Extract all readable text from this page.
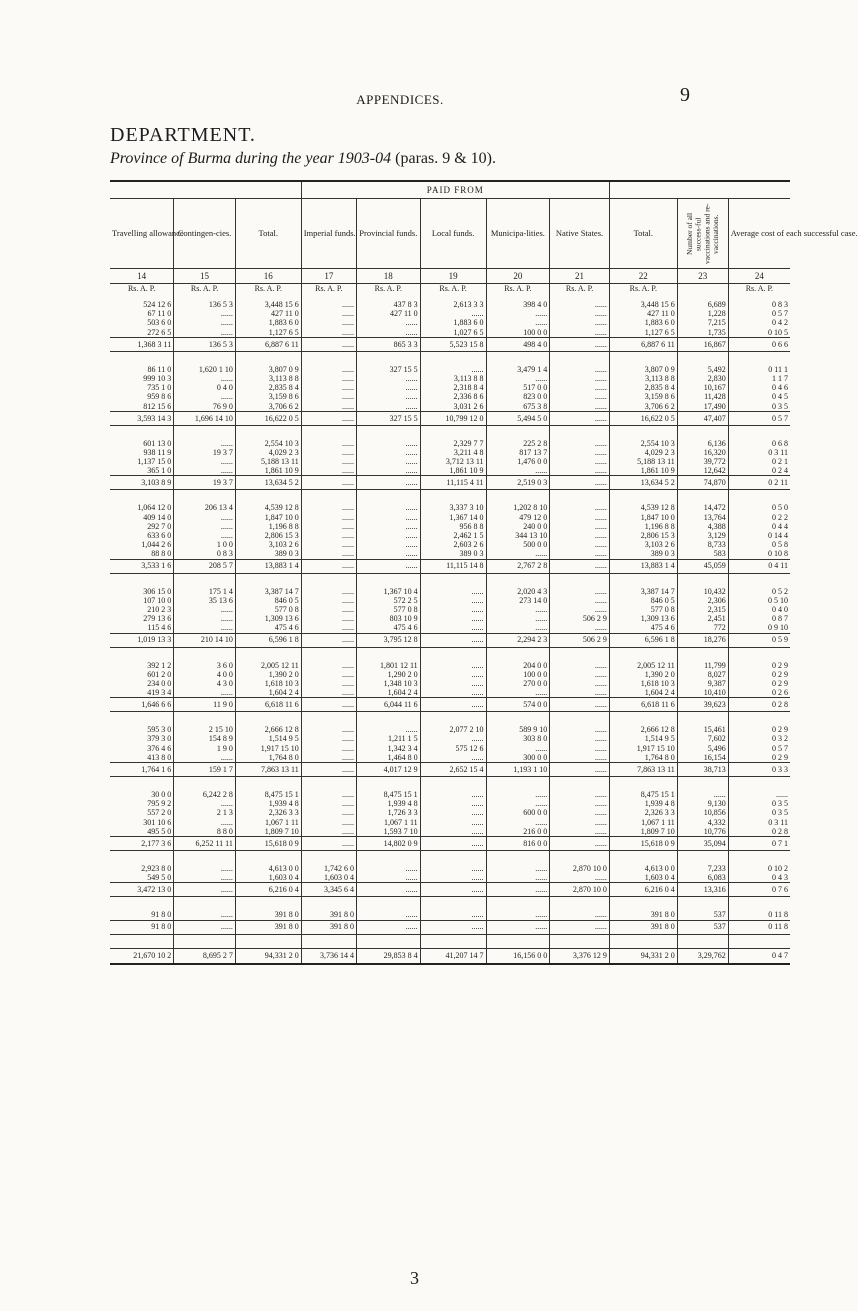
APPENDICES.	9
DEPARTMENT.
Province of Burma during the year 1903-04 (paras. 9 & 10).
			PAID FROM							
Travelling allowance	Contingen-cies.	Total.	Imperial funds.	Provincial funds.	Local funds.	Municipa-lities.	Native States.	Total.	Number of all success-ful vaccinations and re-vaccinations.	Average cost of each successful case.
14	15	16	17	18	19	20	21	22	23	24
Rs. A. P.	Rs. A. P.	Rs. A. P.	Rs. A. P.	Rs. A. P.	Rs. A. P.	Rs. A. P.	Rs. A. P.	Rs. A. P.		Rs. A. P.
524 12 6	136 5 3	3,448 15 6	......	437 8 3	2,613 3 3	398 4 0	......	3,448 15 6	6,689	0 8 3
67 11 0	......	427 11 0	......	427 11 0	......	......	......	427 11 0	1,228	0 5 7
503 6 0	......	1,883 6 0	......	......	1,883 6 0	......	......	1,883 6 0	7,215	0 4 2
272 6 5	......	1,127 6 5	......	......	1,027 6 5	100 0 0	......	1,127 6 5	1,735	0 10 5
1,368 3 11	136 5 3	6,887 6 11	......	865 3 3	5,523 15 8	498 4 0	......	6,887 6 11	16,867	0 6 6

86 11 0	1,620 1 10	3,807 0 9	......	327 15 5	......	3,479 1 4	......	3,807 0 9	5,492	0 11 1
999 10 3	......	3,113 8 8	......	......	3,113 8 8	......	......	3,113 8 8	2,830	1 1 7
735 1 0	0 4 0	2,835 8 4	......	......	2,318 8 4	517 0 0	......	2,835 8 4	10,167	0 4 6
959 8 6	......	3,159 8 6	......	......	2,336 8 6	823 0 0	......	3,159 8 6	11,428	0 4 5
812 15 6	76 9 0	3,706 6 2	......	......	3,031 2 6	675 3 8	......	3,706 6 2	17,490	0 3 5
3,593 14 3	1,696 14 10	16,622 0 5	......	327 15 5	10,799 12 0	5,494 5 0	......	16,622 0 5	47,407	0 5 7

601 13 0	......	2,554 10 3	......	......	2,329 7 7	225 2 8	......	2,554 10 3	6,136	0 6 8
938 11 9	19 3 7	4,029 2 3	......	......	3,211 4 8	817 13 7	......	4,029 2 3	16,320	0 3 11
1,137 15 0	......	5,188 13 11	......	......	3,712 13 11	1,476 0 0	......	5,188 13 11	39,772	0 2 1
365 1 0	......	1,861 10 9	......	......	1,861 10 9	......	......	1,861 10 9	12,642	0 2 4
3,103 8 9	19 3 7	13,634 5 2	......	......	11,115 4 11	2,519 0 3	......	13,634 5 2	74,870	0 2 11

1,064 12 0	206 13 4	4,539 12 8	......	......	3,337 3 10	1,202 8 10	......	4,539 12 8	14,472	0 5 0
409 14 0	......	1,847 10 0	......	......	1,367 14 0	479 12 0	......	1,847 10 0	13,764	0 2 2
292 7 0	......	1,196 8 8	......	......	956 8 8	240 0 0	......	1,196 8 8	4,388	0 4 4
633 6 0	......	2,806 15 3	......	......	2,462 1 5	344 13 10	......	2,806 15 3	3,129	0 14 4
1,044 2 6	1 0 0	3,103 2 6	......	......	2,603 2 6	500 0 0	......	3,103 2 6	8,733	0 5 8
88 8 0	0 8 3	389 0 3	......	......	389 0 3	......	......	389 0 3	583	0 10 8
3,533 1 6	208 5 7	13,883 1 4	......	......	11,115 14 8	2,767 2 8	......	13,883 1 4	45,059	0 4 11

306 15 0	175 1 4	3,387 14 7	......	1,367 10 4	......	2,020 4 3	......	3,387 14 7	10,432	0 5 2
107 10 0	35 13 6	846 0 5	......	572 2 5	......	273 14 0	......	846 0 5	2,306	0 5 10
210 2 3	......	577 0 8	......	577 0 8	......	......	......	577 0 8	2,315	0 4 0
279 13 6	......	1,309 13 6	......	803 10 9	......	......	506 2 9	1,309 13 6	2,451	0 8 7
115 4 6	......	475 4 6	......	475 4 6	......	......	......	475 4 6	772	0 9 10
1,019 13 3	210 14 10	6,596 1 8	......	3,795 12 8	......	2,294 2 3	506 2 9	6,596 1 8	18,276	0 5 9

392 1 2	3 6 0	2,005 12 11	......	1,801 12 11	......	204 0 0	......	2,005 12 11	11,799	0 2 9
601 2 0	4 0 0	1,390 2 0	......	1,290 2 0	......	100 0 0	......	1,390 2 0	8,027	0 2 9
234 0 0	4 3 0	1,618 10 3	......	1,348 10 3	......	270 0 0	......	1,618 10 3	9,387	0 2 9
419 3 4	......	1,604 2 4	......	1,604 2 4	......	......	......	1,604 2 4	10,410	0 2 6
1,646 6 6	11 9 0	6,618 11 6	......	6,044 11 6	......	574 0 0	......	6,618 11 6	39,623	0 2 8

595 3 0	2 15 10	2,666 12 8	......	......	2,077 2 10	589 9 10	......	2,666 12 8	15,461	0 2 9
379 3 0	154 8 9	1,514 9 5	......	1,211 1 5	......	303 8 0	......	1,514 9 5	7,602	0 3 2
376 4 6	1 9 0	1,917 15 10	......	1,342 3 4	575 12 6	......	......	1,917 15 10	5,496	0 5 7
413 8 0	......	1,764 8 0	......	1,464 8 0	......	300 0 0	......	1,764 8 0	16,154	0 2 9
1,764 1 6	159 1 7	7,863 13 11	......	4,017 12 9	2,652 15 4	1,193 1 10	......	7,863 13 11	38,713	0 3 3

30 0 0	6,242 2 8	8,475 15 1	......	8,475 15 1	......	......	......	8,475 15 1	......	......
795 9 2	......	1,939 4 8	......	1,939 4 8	......	......	......	1,939 4 8	9,130	0 3 5
557 2 0	2 1 3	2,326 3 3	......	1,726 3 3	......	600 0 0	......	2,326 3 3	10,856	0 3 5
301 10 6	......	1,067 1 11	......	1,067 1 11	......	......	......	1,067 1 11	4,332	0 3 11
495 5 0	8 8 0	1,809 7 10	......	1,593 7 10	......	216 0 0	......	1,809 7 10	10,776	0 2 8
2,177 3 6	6,252 11 11	15,618 0 9	......	14,802 0 9	......	816 0 0	......	15,618 0 9	35,094	0 7 1

2,923 8 0	......	4,613 0 0	1,742 6 0	......	......	......	2,870 10 0	4,613 0 0	7,233	0 10 2
549 5 0	......	1,603 0 4	1,603 0 4	......	......	......	......	1,603 0 4	6,083	0 4 3
3,472 13 0	......	6,216 0 4	3,345 6 4	......	......	......	2,870 10 0	6,216 0 4	13,316	0 7 6

91 8 0	......	391 8 0	391 8 0	......	......	......	......	391 8 0	537	0 11 8
91 8 0	......	391 8 0	391 8 0	......	......	......	......	391 8 0	537	0 11 8

21,670 10 2	8,695 2 7	94,331 2 0	3,736 14 4	29,853 8 4	41,207 14 7	16,156 0 0	3,376 12 9	94,331 2 0	3,29,762	0 4 7
3
